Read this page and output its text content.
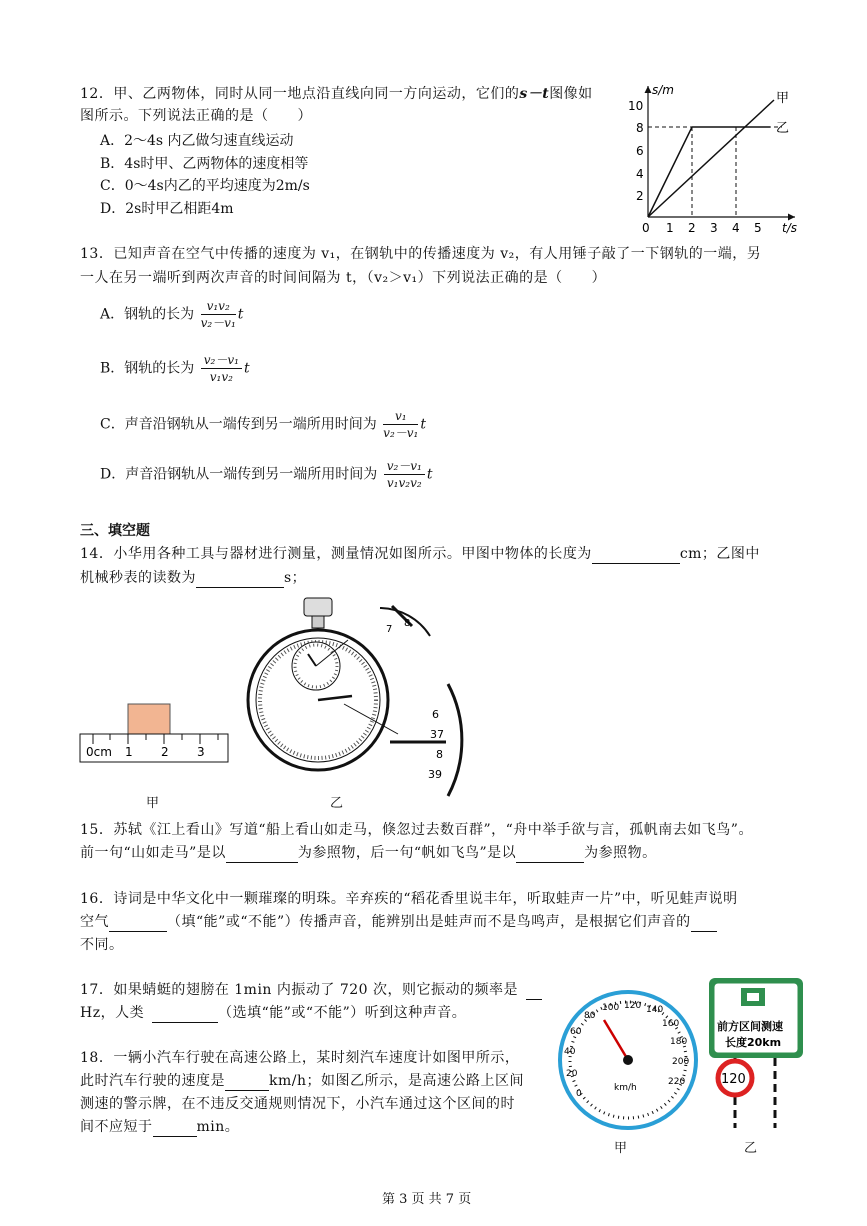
12．甲、乙两物体，同时从同一地点沿直线向同一方向运动，它们的s－t图像如
图所示。下列说法正确的是（　　）
A．2～4s 内乙做匀速直线运动
B．4s时甲、乙两物体的速度相等
C．0～4s内乙的平均速度为2m/s
D．2s时甲乙相距4m
甲
乙
s/m
t/s
2
4
6
8
10
0 1 2 3 4 5
13．已知声音在空气中传播的速度为 v₁，在钢轨中的传播速度为 v₂，有人用锤子敲了一下钢轨的一端，另
一人在另一端听到两次声音的时间间隔为 t，（v₂＞v₁）下列说法正确的是（　　）
A．钢轨的长为 $\frac{\text{v₁v₂}}{\text{v₂－v₁}}$ t
B．钢轨的长为 $\frac{\text{v₂－v₁}}{\text{v₁v₂}}$ t
C．声音沿钢轨从一端传到另一端所用时间为 $\frac{\text{v₁}}{\text{v₂－v₁}}$ t
D．声音沿钢轨从一端传到另一端所用时间为 $\frac{\text{v₂－v₁}}{\text{v₁v₂v₂}}$ t
三、填空题
14．小华用各种工具与器材进行测量，测量情况如图所示。甲图中物体的长度为	cm；乙图中
机械秒表的读数为	s；
0cm 1 2 3
甲
7
8
6
37
8
39
乙
15．苏轼《江上看山》写道“船上看山如走马，倏忽过去数百群”，“舟中举手欲与言，孤帆南去如飞鸟”。
前一句“山如走马”是以	为参照物，后一句“帆如飞鸟”是以	为参照物。
16．诗词是中华文化中一颗璀璨的明珠。辛弃疾的“稻花香里说丰年，听取蛙声一片”中，听见蛙声说明
空气	（填“能”或“不能”）传播声音，能辨别出是蛙声而不是鸟鸣声，是根据它们声音的
不同。
17．如果蜻蜓的翅膀在 1min 内振动了 720 次，则它振动的频率是
Hz，人类	（选填“能”或“不能”）听到这种声音。
18．一辆小汽车行驶在高速公路上，某时刻汽车速度计如图甲所示，
此时汽车行驶的速度是	km/h；如图乙所示，是高速公路上区间
测速的警示牌，在不违反交通规则情况下，小汽车通过这个区间的时
间不应短于	min。
0
20
40
60
80
100 120 140
160
180
200
220
km/h
甲
前方区间测速
长度20km
120
乙
第 3 页 共 7 页
